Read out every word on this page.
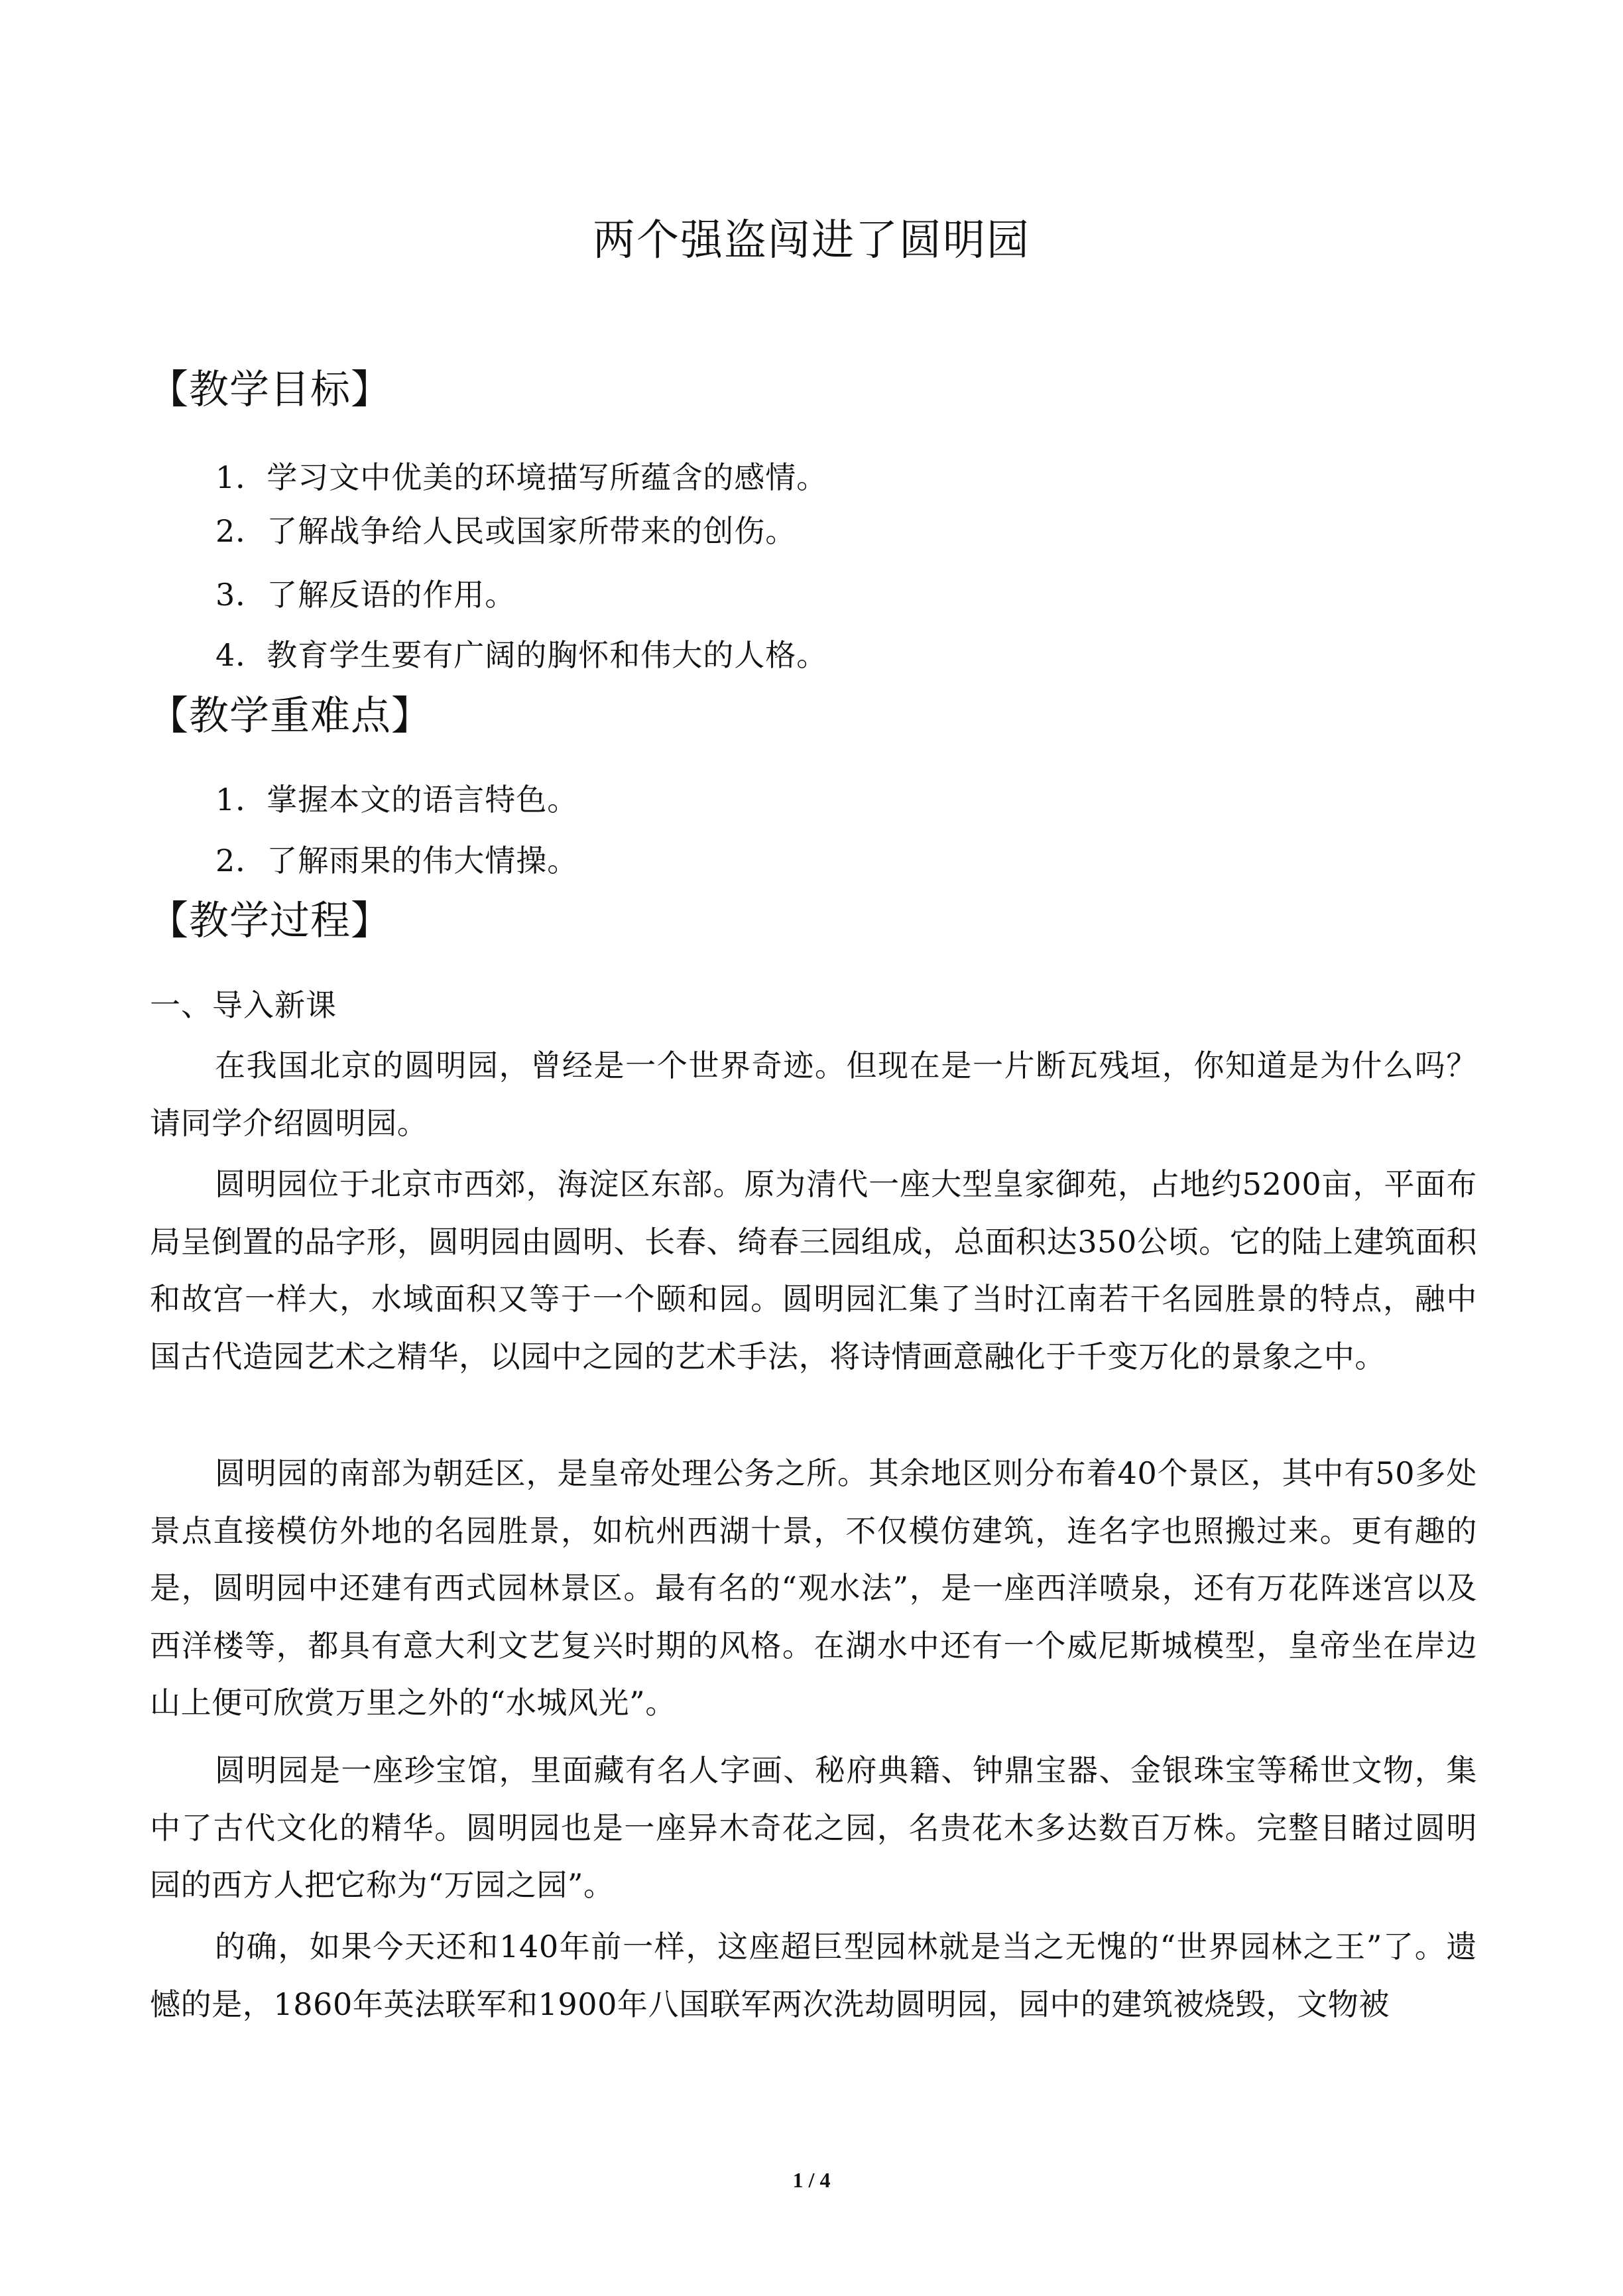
两个强盗闯进了圆明园
【教学目标】
1．学习文中优美的环境描写所蕴含的感情。
2．了解战争给人民或国家所带来的创伤。
3．了解反语的作用。
4．教育学生要有广阔的胸怀和伟大的人格。
【教学重难点】
1．掌握本文的语言特色。
2．了解雨果的伟大情操。
【教学过程】
一、导入新课
在我国北京的圆明园，曾经是一个世界奇迹。但现在是一片断瓦残垣，你知道是为什么吗？请同学介绍圆明园。
圆明园位于北京市西郊，海淀区东部。原为清代一座大型皇家御苑，占地约5200亩，平面布局呈倒置的品字形，圆明园由圆明、长春、绮春三园组成，总面积达350公顷。它的陆上建筑面积和故宫一样大，水域面积又等于一个颐和园。圆明园汇集了当时江南若干名园胜景的特点，融中国古代造园艺术之精华，以园中之园的艺术手法，将诗情画意融化于千变万化的景象之中。
圆明园的南部为朝廷区，是皇帝处理公务之所。其余地区则分布着40个景区，其中有50多处景点直接模仿外地的名园胜景，如杭州西湖十景，不仅模仿建筑，连名字也照搬过来。更有趣的是，圆明园中还建有西式园林景区。最有名的“观水法”，是一座西洋喷泉，还有万花阵迷宫以及西洋楼等，都具有意大利文艺复兴时期的风格。在湖水中还有一个威尼斯城模型，皇帝坐在岸边山上便可欣赏万里之外的“水城风光”。
圆明园是一座珍宝馆，里面藏有名人字画、秘府典籍、钟鼎宝器、金银珠宝等稀世文物，集中了古代文化的精华。圆明园也是一座异木奇花之园，名贵花木多达数百万株。完整目睹过圆明园的西方人把它称为“万园之园”。
的确，如果今天还和140年前一样，这座超巨型园林就是当之无愧的“世界园林之王”了。遗憾的是，1860年英法联军和1900年八国联军两次洗劫圆明园，园中的建筑被烧毁，文物被
1 / 4
